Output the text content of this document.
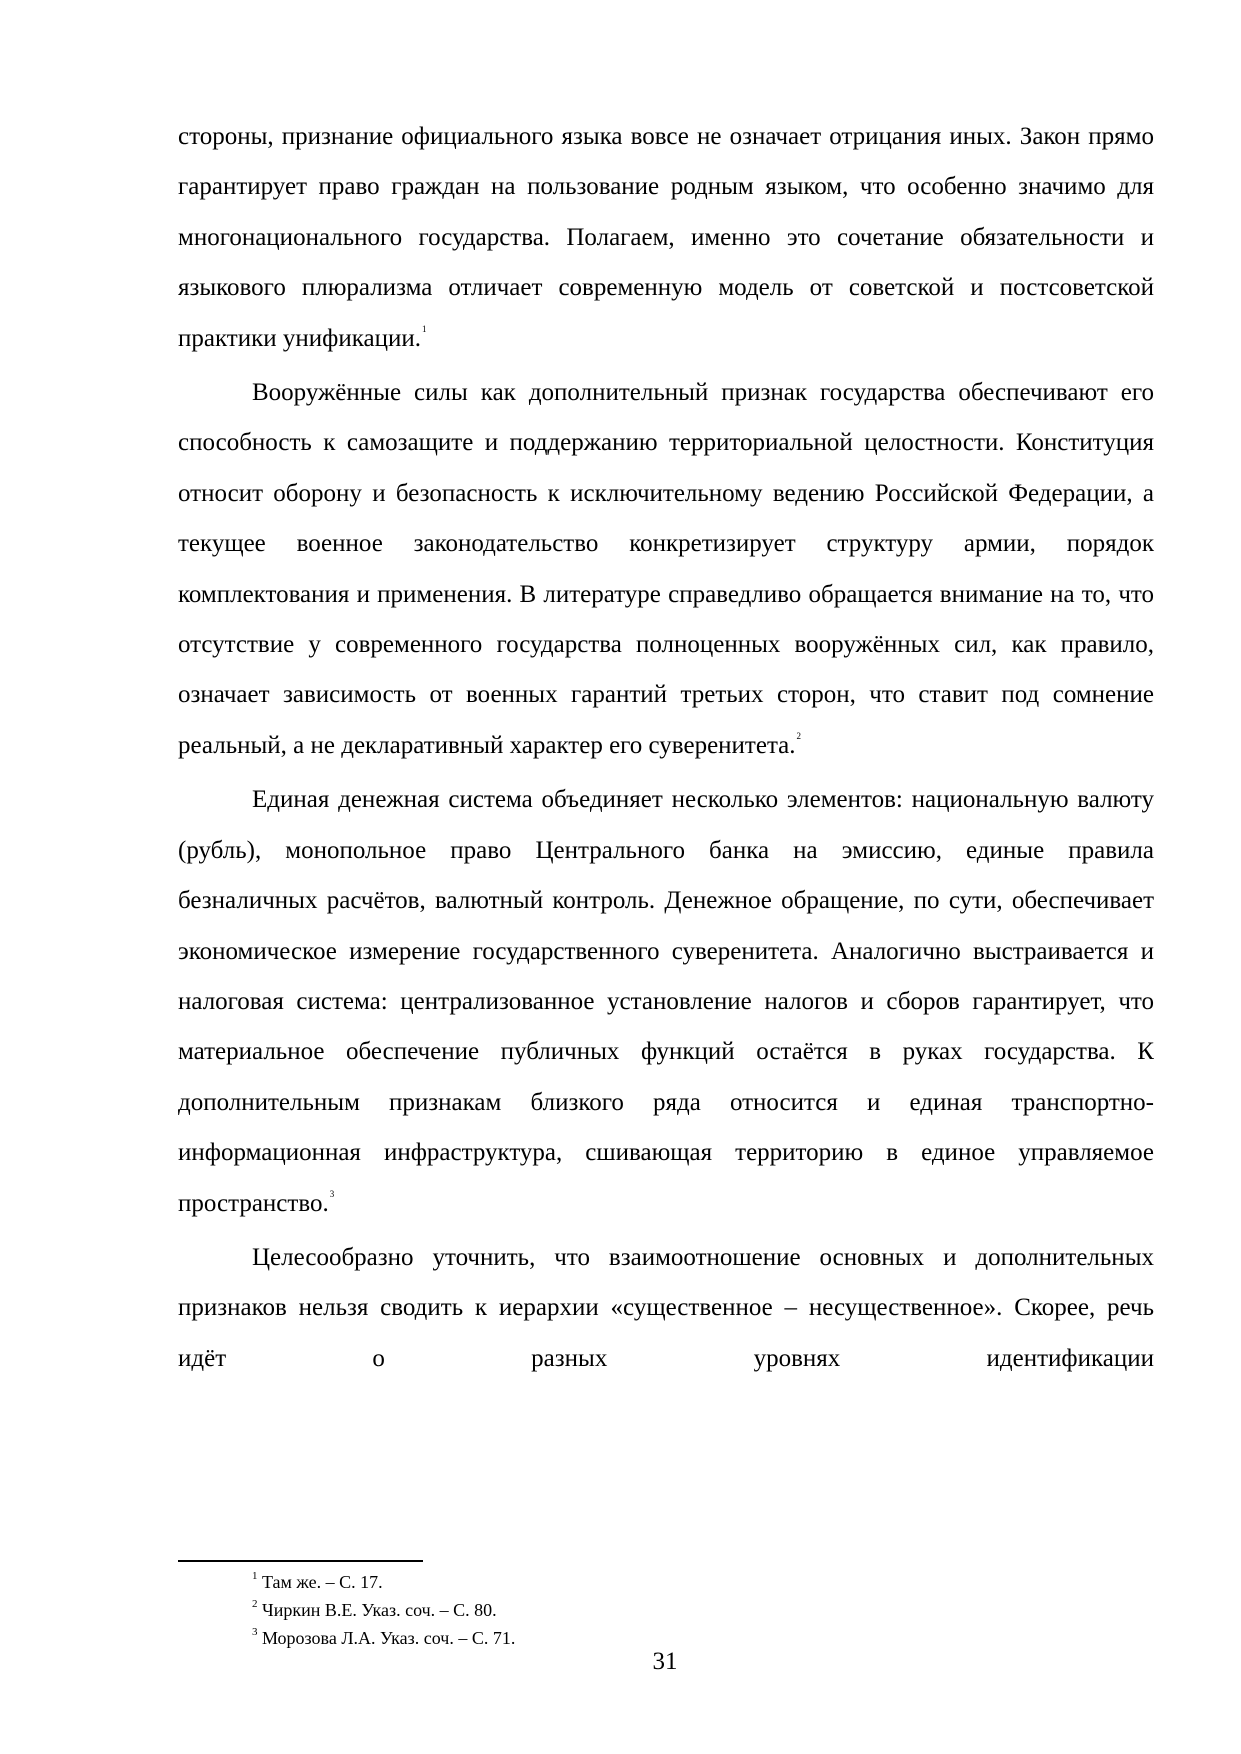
стороны, признание официального языка вовсе не означает отрицания иных. Закон прямо гарантирует право граждан на пользование родным языком, что особенно значимо для многонационального государства. Полагаем, именно это сочетание обязательности и языкового плюрализма отличает современную модель от советской и постсоветской практики унификации.$^1$

Вооружённые силы как дополнительный признак государства обеспечивают его способность к самозащите и поддержанию территориальной целостности. Конституция относит оборону и безопасность к исключительному ведению Российской Федерации, а текущее военное законодательство конкретизирует структуру армии, порядок комплектования и применения. В литературе справедливо обращается внимание на то, что отсутствие у современного государства полноценных вооружённых сил, как правило, означает зависимость от военных гарантий третьих сторон, что ставит под сомнение реальный, а не декларативный характер его суверенитета.$^2$

Единая денежная система объединяет несколько элементов: национальную валюту (рубль), монопольное право Центрального банка на эмиссию, единые правила безналичных расчётов, валютный контроль. Денежное обращение, по сути, обеспечивает экономическое измерение государственного суверенитета. Аналогично выстраивается и налоговая система: централизованное установление налогов и сборов гарантирует, что материальное обеспечение публичных функций остаётся в руках государства. К дополнительным признакам близкого ряда относится и единая транспортно-информационная инфраструктура, сшивающая территорию в единое управляемое пространство.$^3$

Целесообразно уточнить, что взаимоотношение основных и дополнительных признаков нельзя сводить к иерархии «существенное – несущественное». Скорее, речь идёт о разных уровнях идентификации

$^1$ Там же. – С. 17.
$^2$ Чиркин В.Е. Указ. соч. – С. 80.
$^3$ Морозова Л.А. Указ. соч. – С. 71.
31
